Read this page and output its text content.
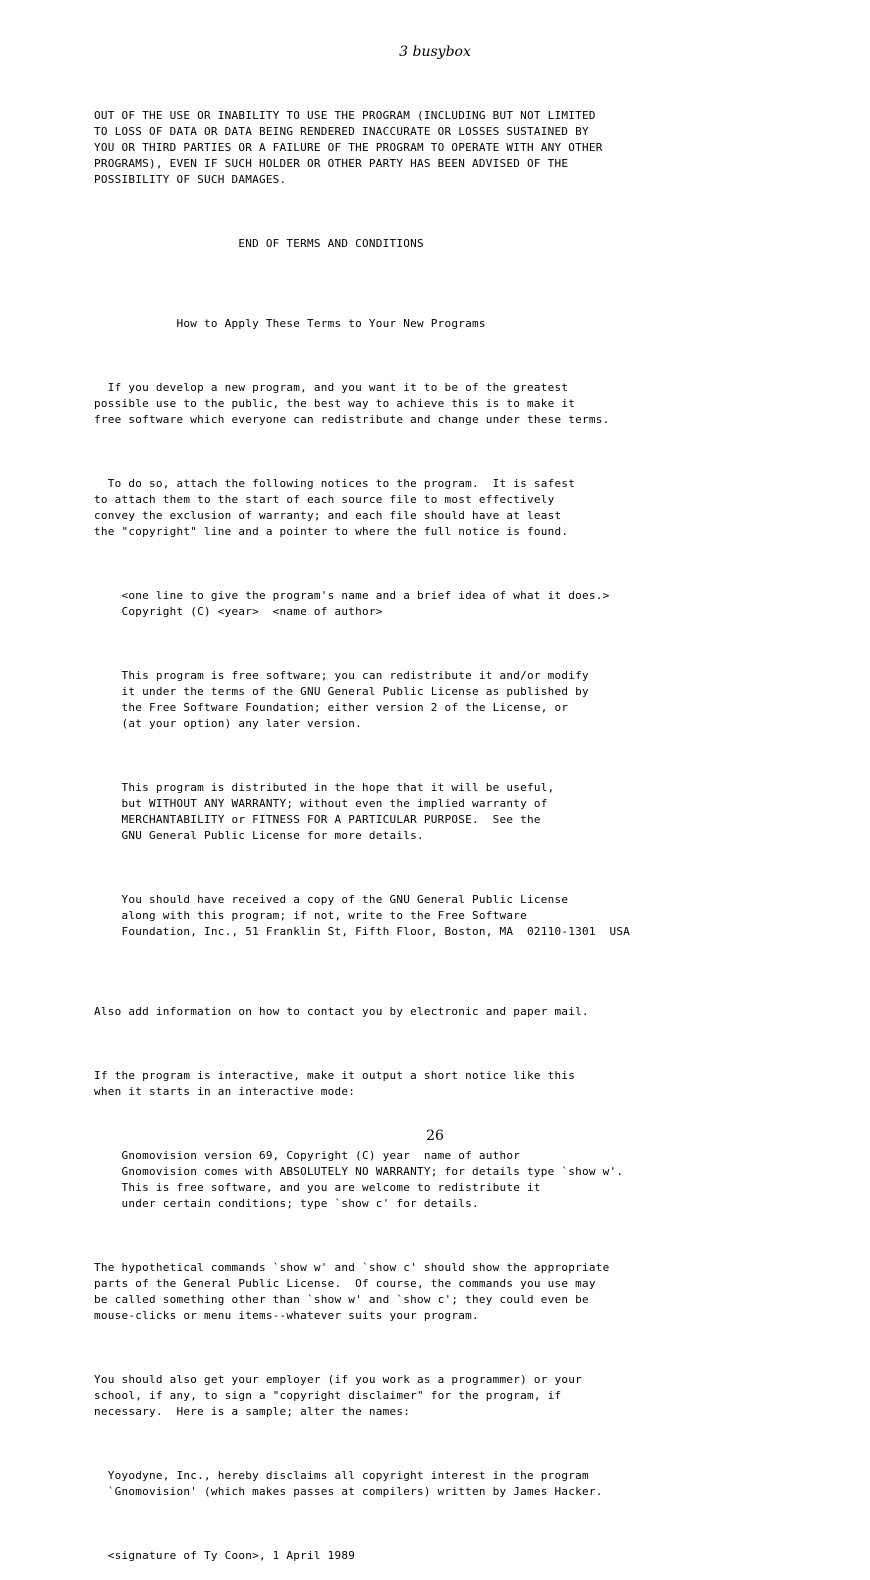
3 busybox

OUT OF THE USE OR INABILITY TO USE THE PROGRAM (INCLUDING BUT NOT LIMITED
TO LOSS OF DATA OR DATA BEING RENDERED INACCURATE OR LOSSES SUSTAINED BY
YOU OR THIRD PARTIES OR A FAILURE OF THE PROGRAM TO OPERATE WITH ANY OTHER
PROGRAMS), EVEN IF SUCH HOLDER OR OTHER PARTY HAS BEEN ADVISED OF THE
POSSIBILITY OF SUCH DAMAGES.

END OF TERMS AND CONDITIONS

How to Apply These Terms to Your New Programs

If you develop a new program, and you want it to be of the greatest
possible use to the public, the best way to achieve this is to make it
free software which everyone can redistribute and change under these terms.

To do so, attach the following notices to the program.  It is safest
to attach them to the start of each source file to most effectively
convey the exclusion of warranty; and each file should have at least
the "copyright" line and a pointer to where the full notice is found.

<one line to give the program's name and a brief idea of what it does.>
Copyright (C) <year>  <name of author>

This program is free software; you can redistribute it and/or modify
it under the terms of the GNU General Public License as published by
the Free Software Foundation; either version 2 of the License, or
(at your option) any later version.

This program is distributed in the hope that it will be useful,
but WITHOUT ANY WARRANTY; without even the implied warranty of
MERCHANTABILITY or FITNESS FOR A PARTICULAR PURPOSE.  See the
GNU General Public License for more details.

You should have received a copy of the GNU General Public License
along with this program; if not, write to the Free Software
Foundation, Inc., 51 Franklin St, Fifth Floor, Boston, MA  02110-1301  USA

Also add information on how to contact you by electronic and paper mail.

If the program is interactive, make it output a short notice like this
when it starts in an interactive mode:

Gnomovision version 69, Copyright (C) year  name of author
Gnomovision comes with ABSOLUTELY NO WARRANTY; for details type `show w'.
This is free software, and you are welcome to redistribute it
under certain conditions; type `show c' for details.

The hypothetical commands `show w' and `show c' should show the appropriate
parts of the General Public License.  Of course, the commands you use may
be called something other than `show w' and `show c'; they could even be
mouse-clicks or menu items--whatever suits your program.

You should also get your employer (if you work as a programmer) or your
school, if any, to sign a "copyright disclaimer" for the program, if
necessary.  Here is a sample; alter the names:

Yoyodyne, Inc., hereby disclaims all copyright interest in the program
`Gnomovision' (which makes passes at compilers) written by James Hacker.

<signature of Ty Coon>, 1 April 1989

26
